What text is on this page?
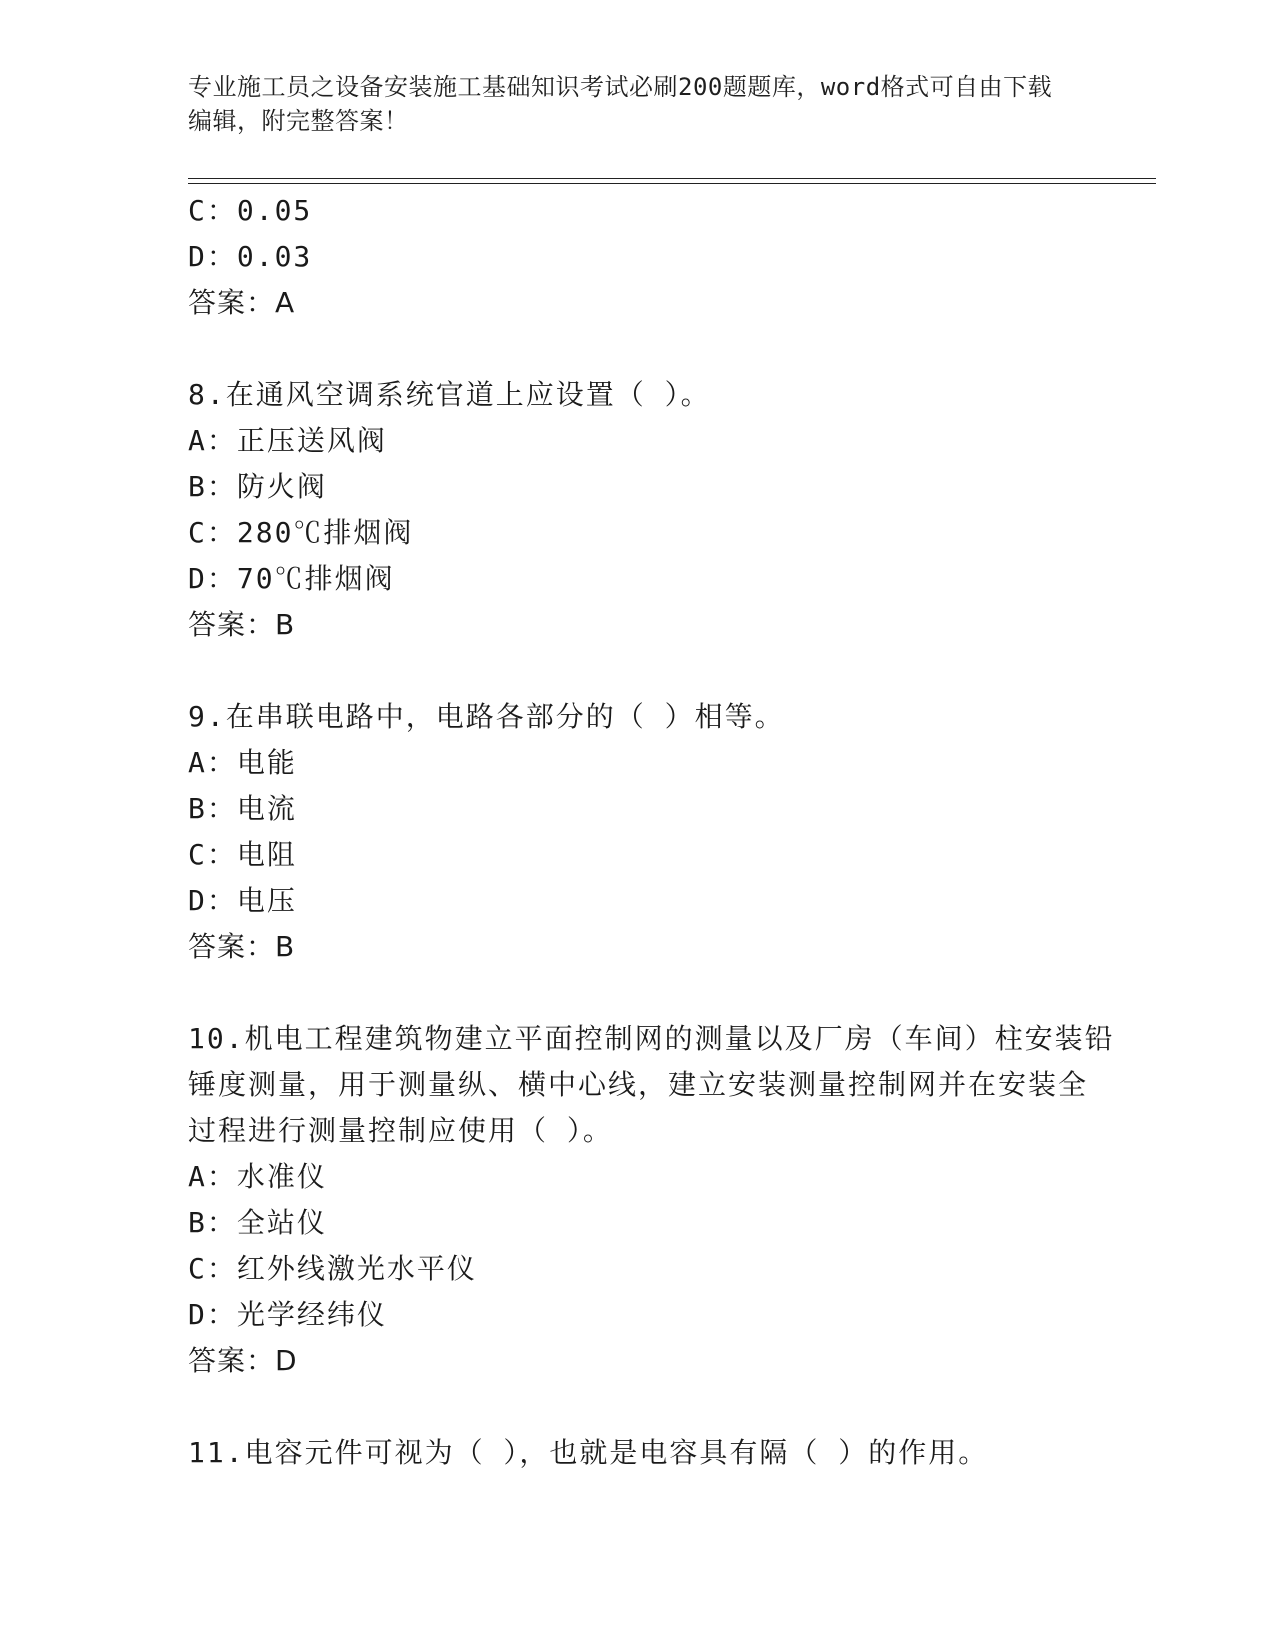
专业施工员之设备安装施工基础知识考试必刷200题题库，word格式可自由下载
编辑，附完整答案！
C：0.05
D：0.03
答案：A
8.在通风空调系统官道上应设置（ ）。
A：正压送风阀
B：防火阀
C：280℃排烟阀
D：70℃排烟阀
答案：B
9.在串联电路中，电路各部分的（ ）相等。
A：电能
B：电流
C：电阻
D：电压
答案：B
10.机电工程建筑物建立平面控制网的测量以及厂房（车间）柱安装铅
锤度测量，用于测量纵、横中心线，建立安装测量控制网并在安装全
过程进行测量控制应使用（ ）。
A：水准仪
B：全站仪
C：红外线激光水平仪
D：光学经纬仪
答案：D
11.电容元件可视为（ ），也就是电容具有隔（ ）的作用。
